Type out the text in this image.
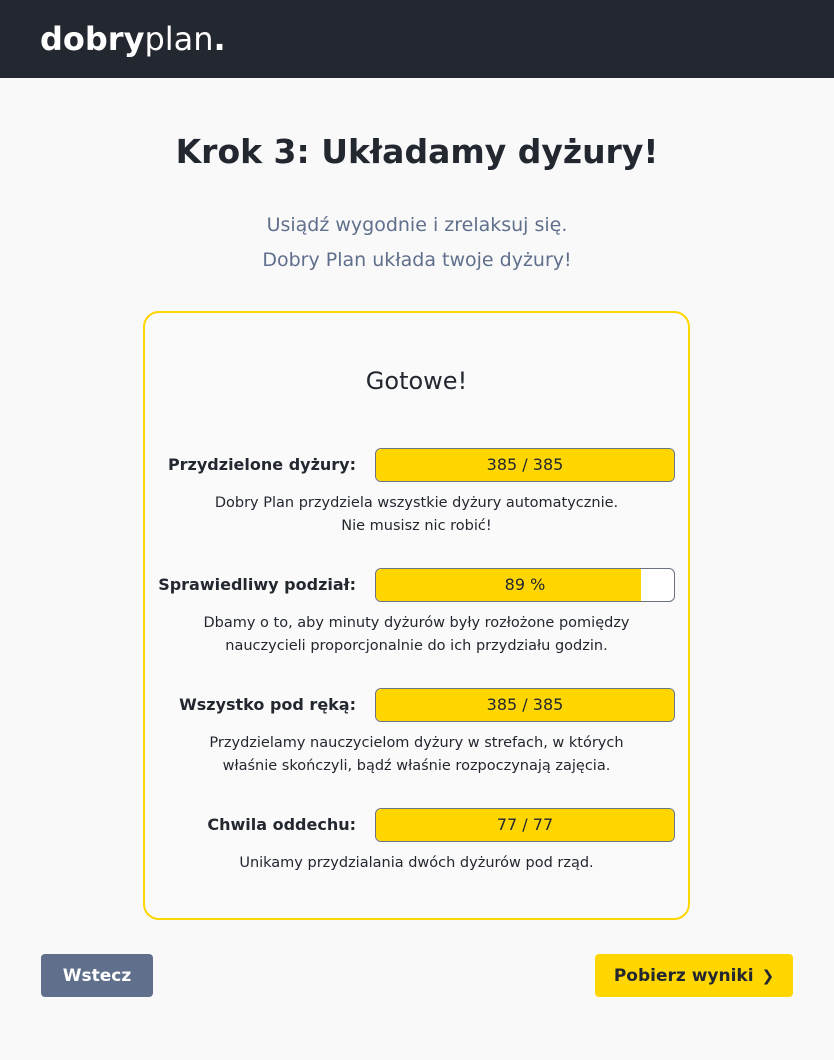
dobryplan.
Krok 3: Układamy dyżury!
Usiądź wygodnie i zrelaksuj się.
Dobry Plan układa twoje dyżury!
Gotowe!
Przydzielone dyżury:	385 / 385
Dobry Plan przydziela wszystkie dyżury automatycznie.
Nie musisz nic robić!
Sprawiedliwy podział:	89 %
Dbamy o to, aby minuty dyżurów były rozłożone pomiędzy
nauczycieli proporcjonalnie do ich przydziału godzin.
Wszystko pod ręką:	385 / 385
Przydzielamy nauczycielom dyżury w strefach, w których
właśnie skończyli, bądź właśnie rozpoczynają zajęcia.
Chwila oddechu:	77 / 77
Unikamy przydzialania dwóch dyżurów pod rząd.
Wstecz	Pobierz wyniki ❯
